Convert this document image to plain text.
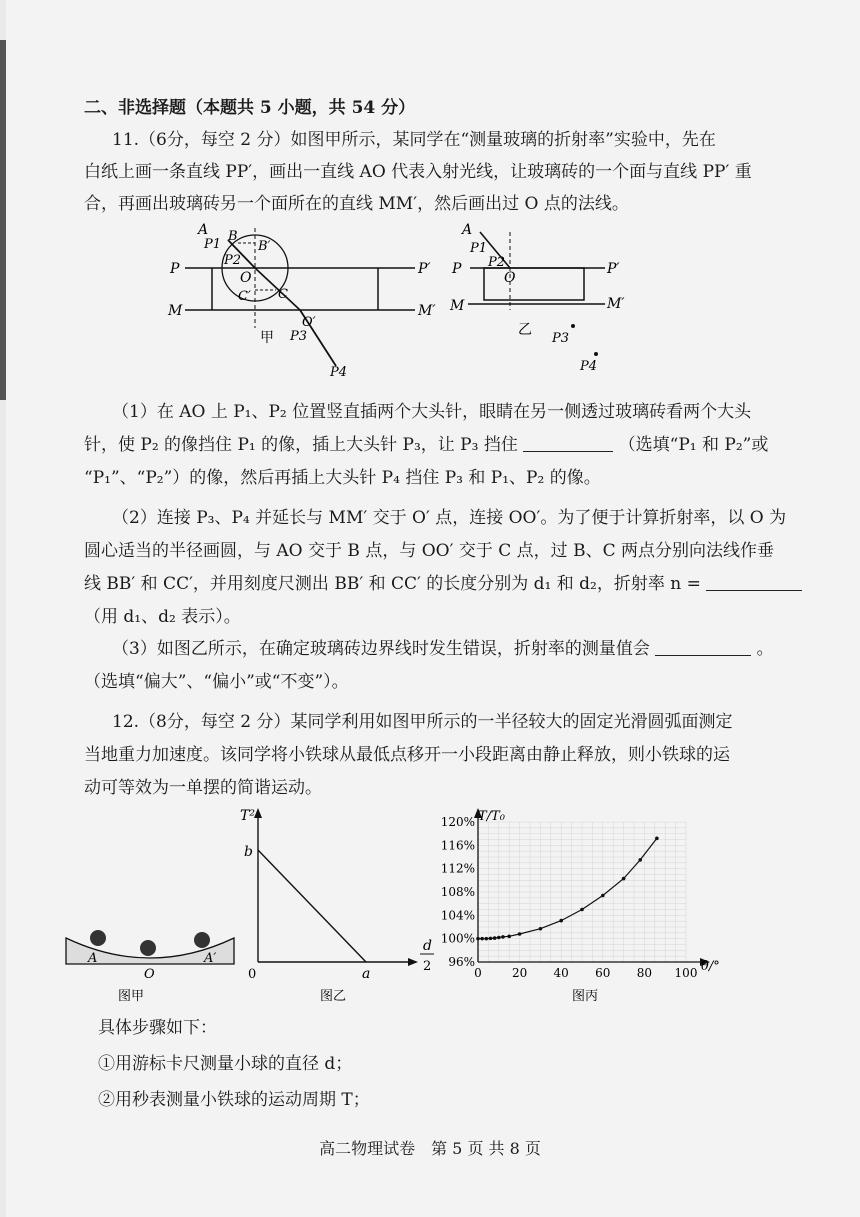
二、非选择题（本题共 5 小题，共 54 分）
11.（6分，每空 2 分）如图甲所示，某同学在“测量玻璃的折射率”实验中，先在
白纸上画一条直线 PP′，画出一直线 AO 代表入射光线，让玻璃砖的一个面与直线 PP′ 重
合，再画出玻璃砖另一个面所在的直线 MM′，然后画出过 O 点的法线。
A
P1
B
B′
P2
P	P′
O
C′ C
M	M′
O′
P3
甲
P4
A
P1
P2
P
O
P′
M	M′
乙
P3
P4
（1）在 AO 上 P₁、P₂ 位置竖直插两个大头针，眼睛在另一侧透过玻璃砖看两个大头
针，使 P₂ 的像挡住 P₁ 的像，插上大头针 P₃，让 P₃ 挡住	（选填“P₁ 和 P₂”或
“P₁”、“P₂”）的像，然后再插上大头针 P₄ 挡住 P₃ 和 P₁、P₂ 的像。
（2）连接 P₃、P₄ 并延长与 MM′ 交于 O′ 点，连接 OO′。为了便于计算折射率，以 O 为
圆心适当的半径画圆，与 AO 交于 B 点，与 OO′ 交于 C 点，过 B、C 两点分别向法线作垂
线 BB′ 和 CC′，并用刻度尺测出 BB′ 和 CC′ 的长度分别为 d₁ 和 d₂，折射率 n =
（用 d₁、d₂ 表示）。
（3）如图乙所示，在确定玻璃砖边界线时发生错误，折射率的测量值会	。
（选填“偏大”、“偏小”或“不变”）。
12.（8分，每空 2 分）某同学利用如图甲所示的一半径较大的固定光滑圆弧面测定
当地重力加速度。该同学将小铁球从最低点移开一小段距离由静止释放，则小铁球的运
动可等效为一单摆的简谐运动。
A
O
A′
图甲
T²
b
0	a
d
2
图乙
0	20 40 60 80 100
96%
100%
104%
108%
112%
116%
120% T/T₀
θ/°
图丙
具体步骤如下：
①用游标卡尺测量小球的直径 d；
②用秒表测量小铁球的运动周期 T；
高二物理试卷　第 5 页 共 8 页
